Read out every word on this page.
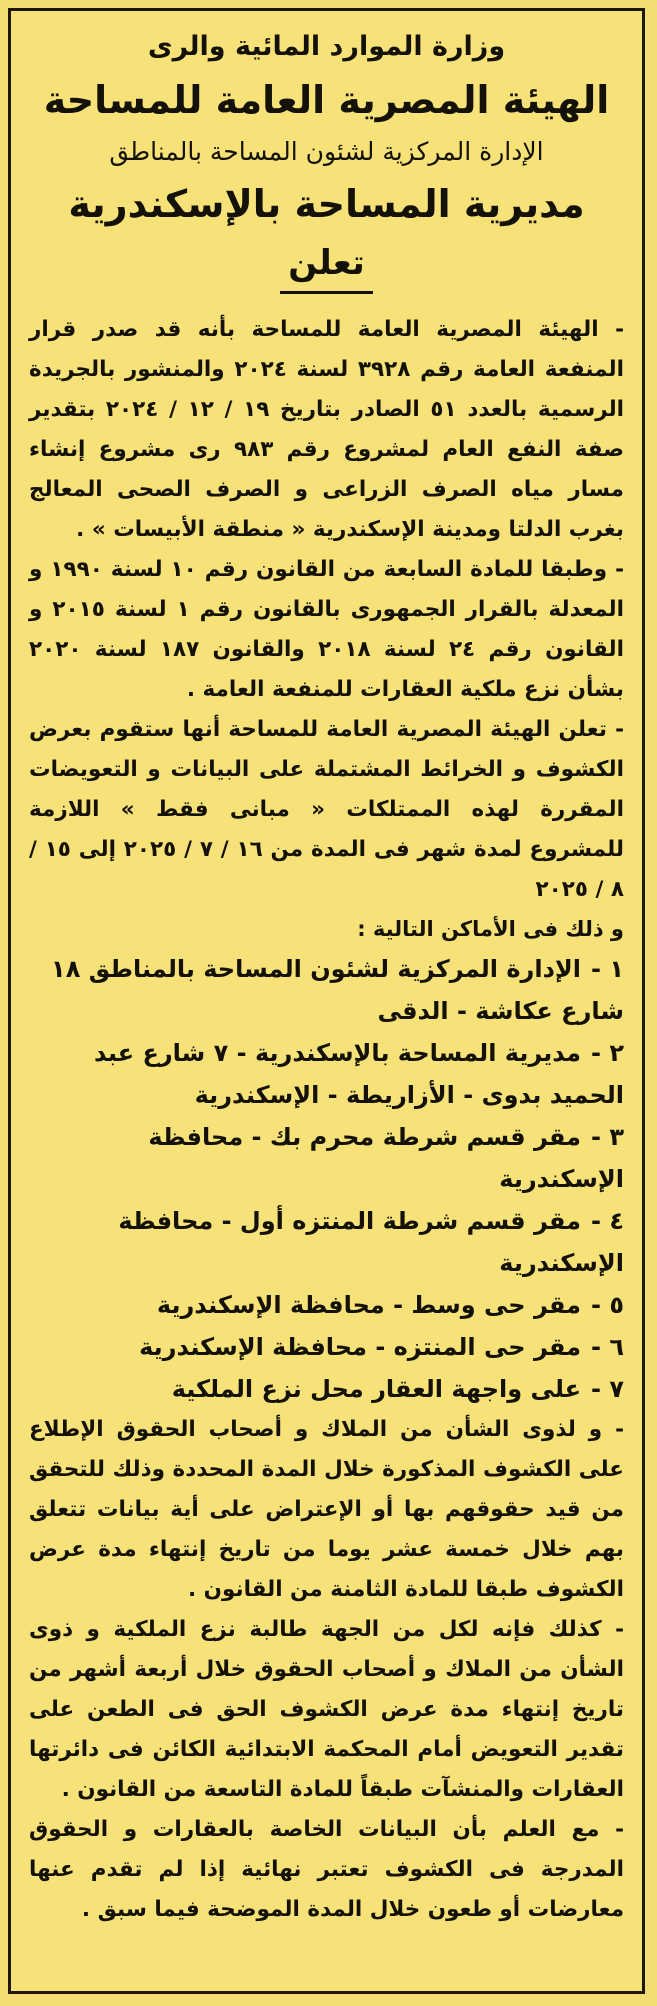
وزارة الموارد المائية والرى
الهيئة المصرية العامة للمساحة
الإدارة المركزية لشئون المساحة بالمناطق
مديرية المساحة بالإسكندرية
تعلن

- الهيئة المصرية العامة للمساحة بأنه قد صدر قرار المنفعة العامة رقم ٣٩٢٨ لسنة ٢٠٢٤ والمنشور بالجريدة الرسمية بالعدد ٥١ الصادر بتاريخ ١٩ / ١٢ / ٢٠٢٤ بتقدير صفة النفع العام لمشروع رقم ٩٨٣ رى مشروع إنشاء مسار مياه الصرف الزراعى و الصرف الصحى المعالج بغرب الدلتا ومدينة الإسكندرية « منطقة الأبيسات » .

- وطبقا للمادة السابعة من القانون رقم ١٠ لسنة ١٩٩٠ و المعدلة بالقرار الجمهورى بالقانون رقم ١ لسنة ٢٠١٥ و القانون رقم ٢٤ لسنة ٢٠١٨ والقانون ١٨٧ لسنة ٢٠٢٠ بشأن نزع ملكية العقارات للمنفعة العامة .

- تعلن الهيئة المصرية العامة للمساحة أنها ستقوم بعرض الكشوف و الخرائط المشتملة على البيانات و التعويضات المقررة لهذه الممتلكات « مبانى فقط » اللازمة للمشروع لمدة شهر فى المدة من ١٦ / ٧ / ٢٠٢٥ إلى ١٥ / ٨ / ٢٠٢٥

و ذلك فى الأماكن التالية :
١ -الإدارة المركزية لشئون المساحة بالمناطق ١٨ شارع عكاشة - الدقى
٢ -مديرية المساحة بالإسكندرية - ٧ شارع عبد الحميد بدوى - الأزاريطة - الإسكندرية
٣ -مقر قسم شرطة محرم بك - محافظة الإسكندرية
٤ -مقر قسم شرطة المنتزه أول - محافظة الإسكندرية
٥ -مقر حى وسط - محافظة الإسكندرية
٦ -مقر حى المنتزه - محافظة الإسكندرية
٧ -على واجهة العقار محل نزع الملكية

- و لذوى الشأن من الملاك و أصحاب الحقوق الإطلاع على الكشوف المذكورة خلال المدة المحددة وذلك للتحقق من قيد حقوقهم بها أو الإعتراض على أية بيانات تتعلق بهم خلال خمسة عشر يوما من تاريخ إنتهاء مدة عرض الكشوف طبقا للمادة الثامنة من القانون .

- كذلك فإنه لكل من الجهة طالبة نزع الملكية و ذوى الشأن من الملاك و أصحاب الحقوق خلال أربعة أشهر من تاريخ إنتهاء مدة عرض الكشوف الحق فى الطعن على تقدير التعويض أمام المحكمة الابتدائية الكائن فى دائرتها العقارات والمنشآت طبقاً للمادة التاسعة من القانون .

- مع العلم بأن البيانات الخاصة بالعقارات و الحقوق المدرجة فى الكشوف تعتبر نهائية إذا لم تقدم عنها معارضات أو طعون خلال المدة الموضحة فيما سبق .
